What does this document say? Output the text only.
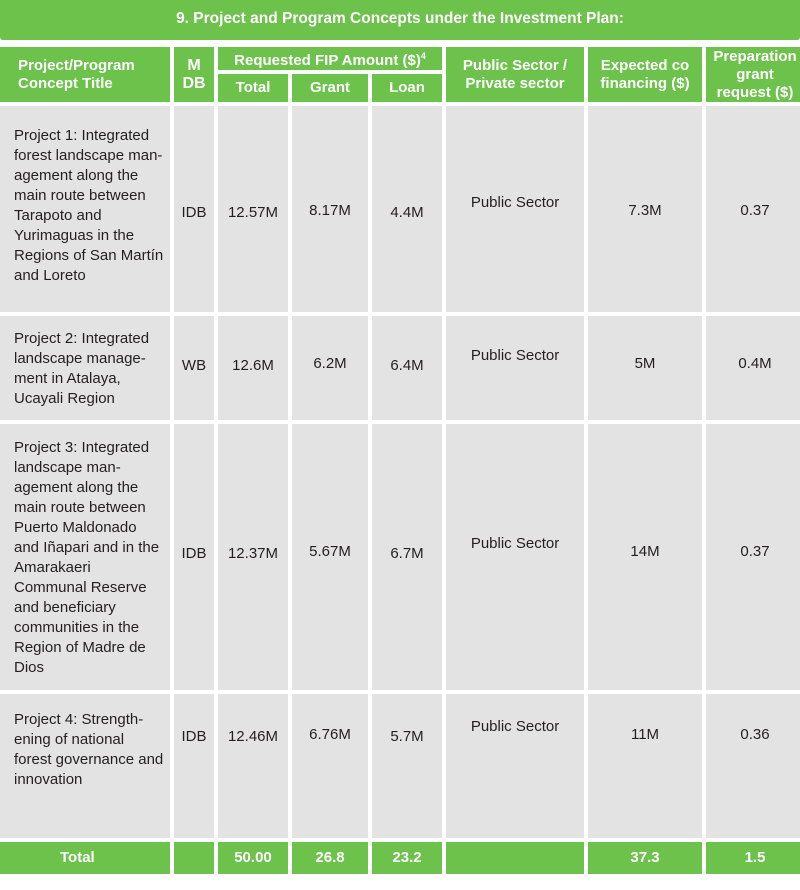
9. Project and Program Concepts under the Investment Plan:
Project/Program Concept Title	M DB	Requested FIP Amount ($)$^4$			Public Sector / Private sector	Expected co financing ($)	Preparation grant request ($)
		Total	Grant	Loan			
Project 1: Integrated forest landscape man-agement along the main route between Tarapoto and Yurimaguas in the Regions of San Martín and Loreto	IDB	12.57M	8.17M	4.4M	Public Sector	7.3M	0.37
Project 2: Integrated landscape manage-ment in Atalaya, Ucayali Region	WB	12.6M	6.2M	6.4M	Public Sector	5M	0.4M
Project 3: Integrated landscape man-agement along the main route between Puerto Maldonado and Iñapari and in the Amarakaeri Communal Reserve and beneficiary communities in the Region of Madre de Dios	IDB	12.37M	5.67M	6.7M	Public Sector	14M	0.37
Project 4: Strength-ening of national forest governance and innovation	IDB	12.46M	6.76M	5.7M	Public Sector	11M	0.36
Total		50.00	26.8	23.2		37.3	1.5
